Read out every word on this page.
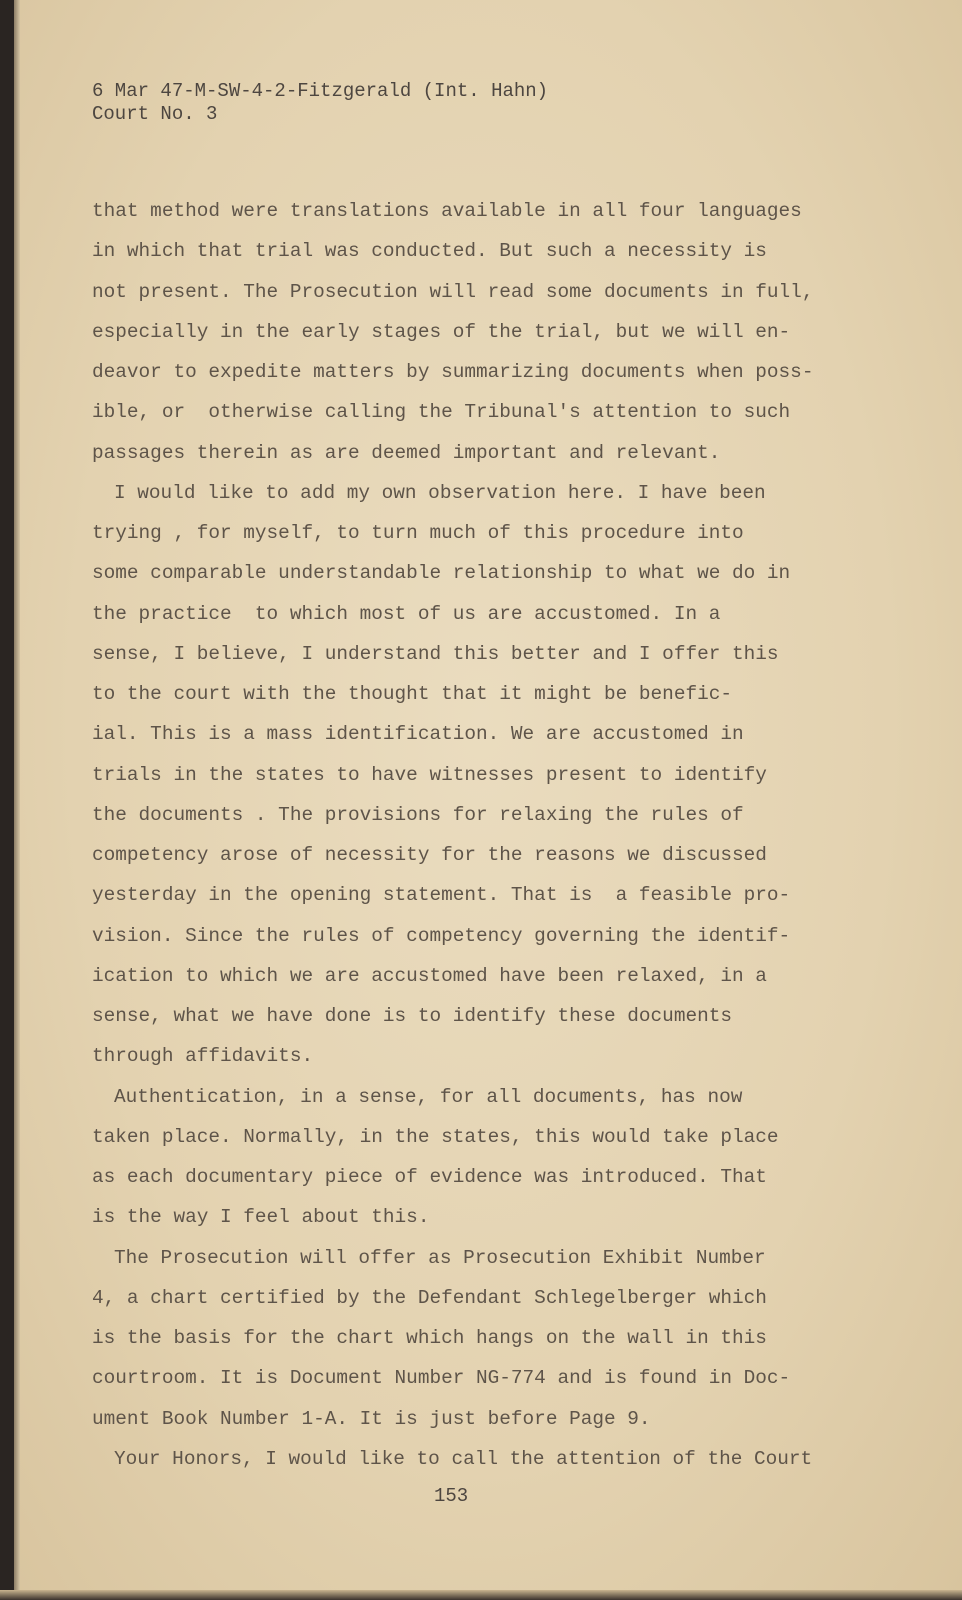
6 Mar 47-M-SW-4-2-Fitzgerald (Int. Hahn)
Court No. 3
that method were translations available in all four languages
in which that trial was conducted. But such a necessity is
not present. The Prosecution will read some documents in full,
especially in the early stages of the trial, but we will en-
deavor to expedite matters by summarizing documents when poss-
ible, or  otherwise calling the Tribunal's attention to such
passages therein as are deemed important and relevant.
I would like to add my own observation here. I have been
trying , for myself, to turn much of this procedure into
some comparable understandable relationship to what we do in
the practice  to which most of us are accustomed. In a
sense, I believe, I understand this better and I offer this
to the court with the thought that it might be benefic-
ial. This is a mass identification. We are accustomed in
trials in the states to have witnesses present to identify
the documents . The provisions for relaxing the rules of
competency arose of necessity for the reasons we discussed
yesterday in the opening statement. That is  a feasible pro-
vision. Since the rules of competency governing the identif-
ication to which we are accustomed have been relaxed, in a
sense, what we have done is to identify these documents
through affidavits.
Authentication, in a sense, for all documents, has now
taken place. Normally, in the states, this would take place
as each documentary piece of evidence was introduced. That
is the way I feel about this.
The Prosecution will offer as Prosecution Exhibit Number
4, a chart certified by the Defendant Schlegelberger which
is the basis for the chart which hangs on the wall in this
courtroom. It is Document Number NG-774 and is found in Doc-
ument Book Number 1-A. It is just before Page 9.
Your Honors, I would like to call the attention of the Court
153
